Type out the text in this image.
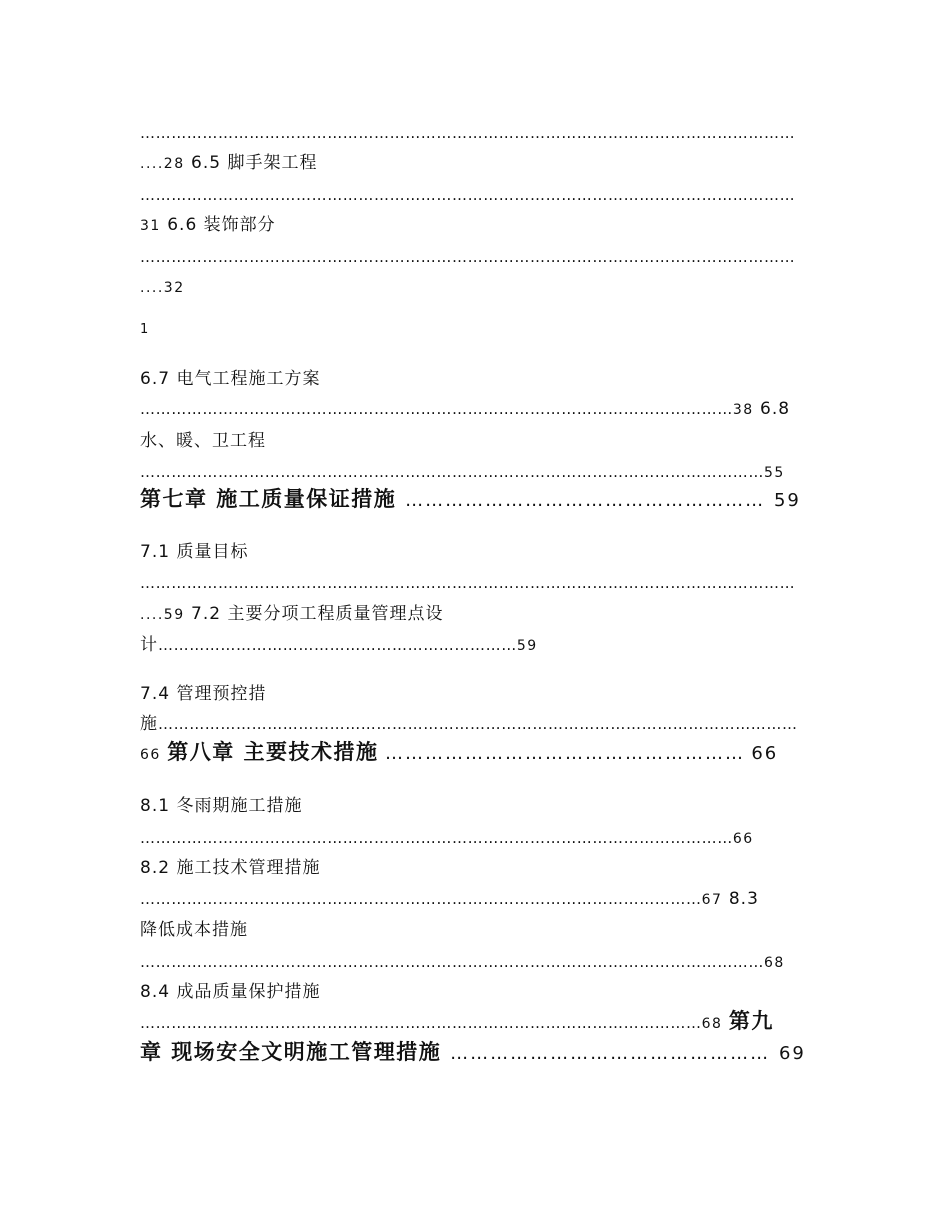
………………………………………………………………………………………………………………
....28 6.5 脚手架工程
………………………………………………………………………………………………………………
31 6.6 装饰部分
………………………………………………………………………………………………………………
....32
1
6.7 电气工程施工方案
……………………………………………………………………………………………………38 6.8
水、暖、卫工程
…………………………………………………………………………………………………………55
第七章 施工质量保证措施 ……………………………………………… 59
7.1 质量目标
………………………………………………………………………………………………………………
....59 7.2 主要分项工程质量管理点设
计……………………………………………………………59
7.4 管理预控措
施……………………………………………………………………………………………………………
66 第八章 主要技术措施 ……………………………………………… 66
8.1 冬雨期施工措施
……………………………………………………………………………………………………66
8.2 施工技术管理措施
………………………………………………………………………………………………67 8.3
降低成本措施
…………………………………………………………………………………………………………68
8.4 成品质量保护措施
………………………………………………………………………………………………68 第九
章 现场安全文明施工管理措施 ………………………………………… 69
